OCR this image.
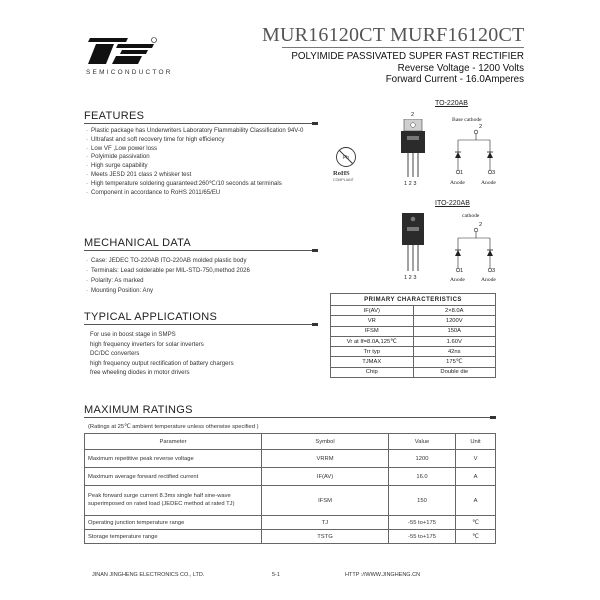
SEMICONDUCTOR
MUR16120CT MURF16120CT
POLYIMIDE PASSIVATED SUPER FAST RECTIFIER
Reverse Voltage - 1200 Volts
Forward Current - 16.0Amperes
FEATURES
· Plastic package has Underwriters Laboratory Flammability Classification 94V-0
· Ultrafast and soft recovery time for high efficiency
· Low VF ,Low power loss
· Polyimide passivation
· High surge capability
· Meets JESD 201 class 2 whisker test
· High temperature soldering guaranteed:260℃/10 seconds at terminals
· Component in accordance to RoHS 2011/65/EU
Pb
RoHS
COMPLIANT
TO-220AB
2
1 2 3
Base cathode
2
1	3
Anode	Anode
ITO-220AB
1 2 3
cathode
2
1	3
Anode	Anode
MECHANICAL DATA
· Case: JEDEC TO-220AB ITO-220AB molded plastic body
· Terminals: Lead solderable per MIL-STD-750,method 2026
· Polarity: As marked
· Mounting Position: Any
TYPICAL APPLICATIONS
For use in boost stage in SMPS
high frequency inverters for solar inverters
DC/DC converters
high frequency output rectification of battery chargers
free wheeling diodes in motor drivers
PRIMARY CHARACTERISTICS	
IF(AV)	2×8.0A
VR	1200V
IFSM	150A
Vr at If=8.0A,125℃	1.60V
Trr typ	42ns
TJMAX	175℃
Chip	Double die
MAXIMUM RATINGS
(Ratings at 25℃ ambient temperature unless otherwise specified )
Parameter	Symbol	Value	Unit
Maximum repetitive peak reverse voltage	VRRM	1200	V
Maximum average forward rectified current	IF(AV)	16.0	A
Peak forward surge current 8.3ms single half sine-wave superimposed on rated load (JEDEC method at rated TJ)	IFSM	150	A
Operating junction temperature range	TJ	-55 to+175	℃
Storage temperature range	TSTG	-55 to+175	℃
JINAN JINGHENG ELECTRONICS CO., LTD.	5-1	HTTP ://WWW.JINGHENG.CN
